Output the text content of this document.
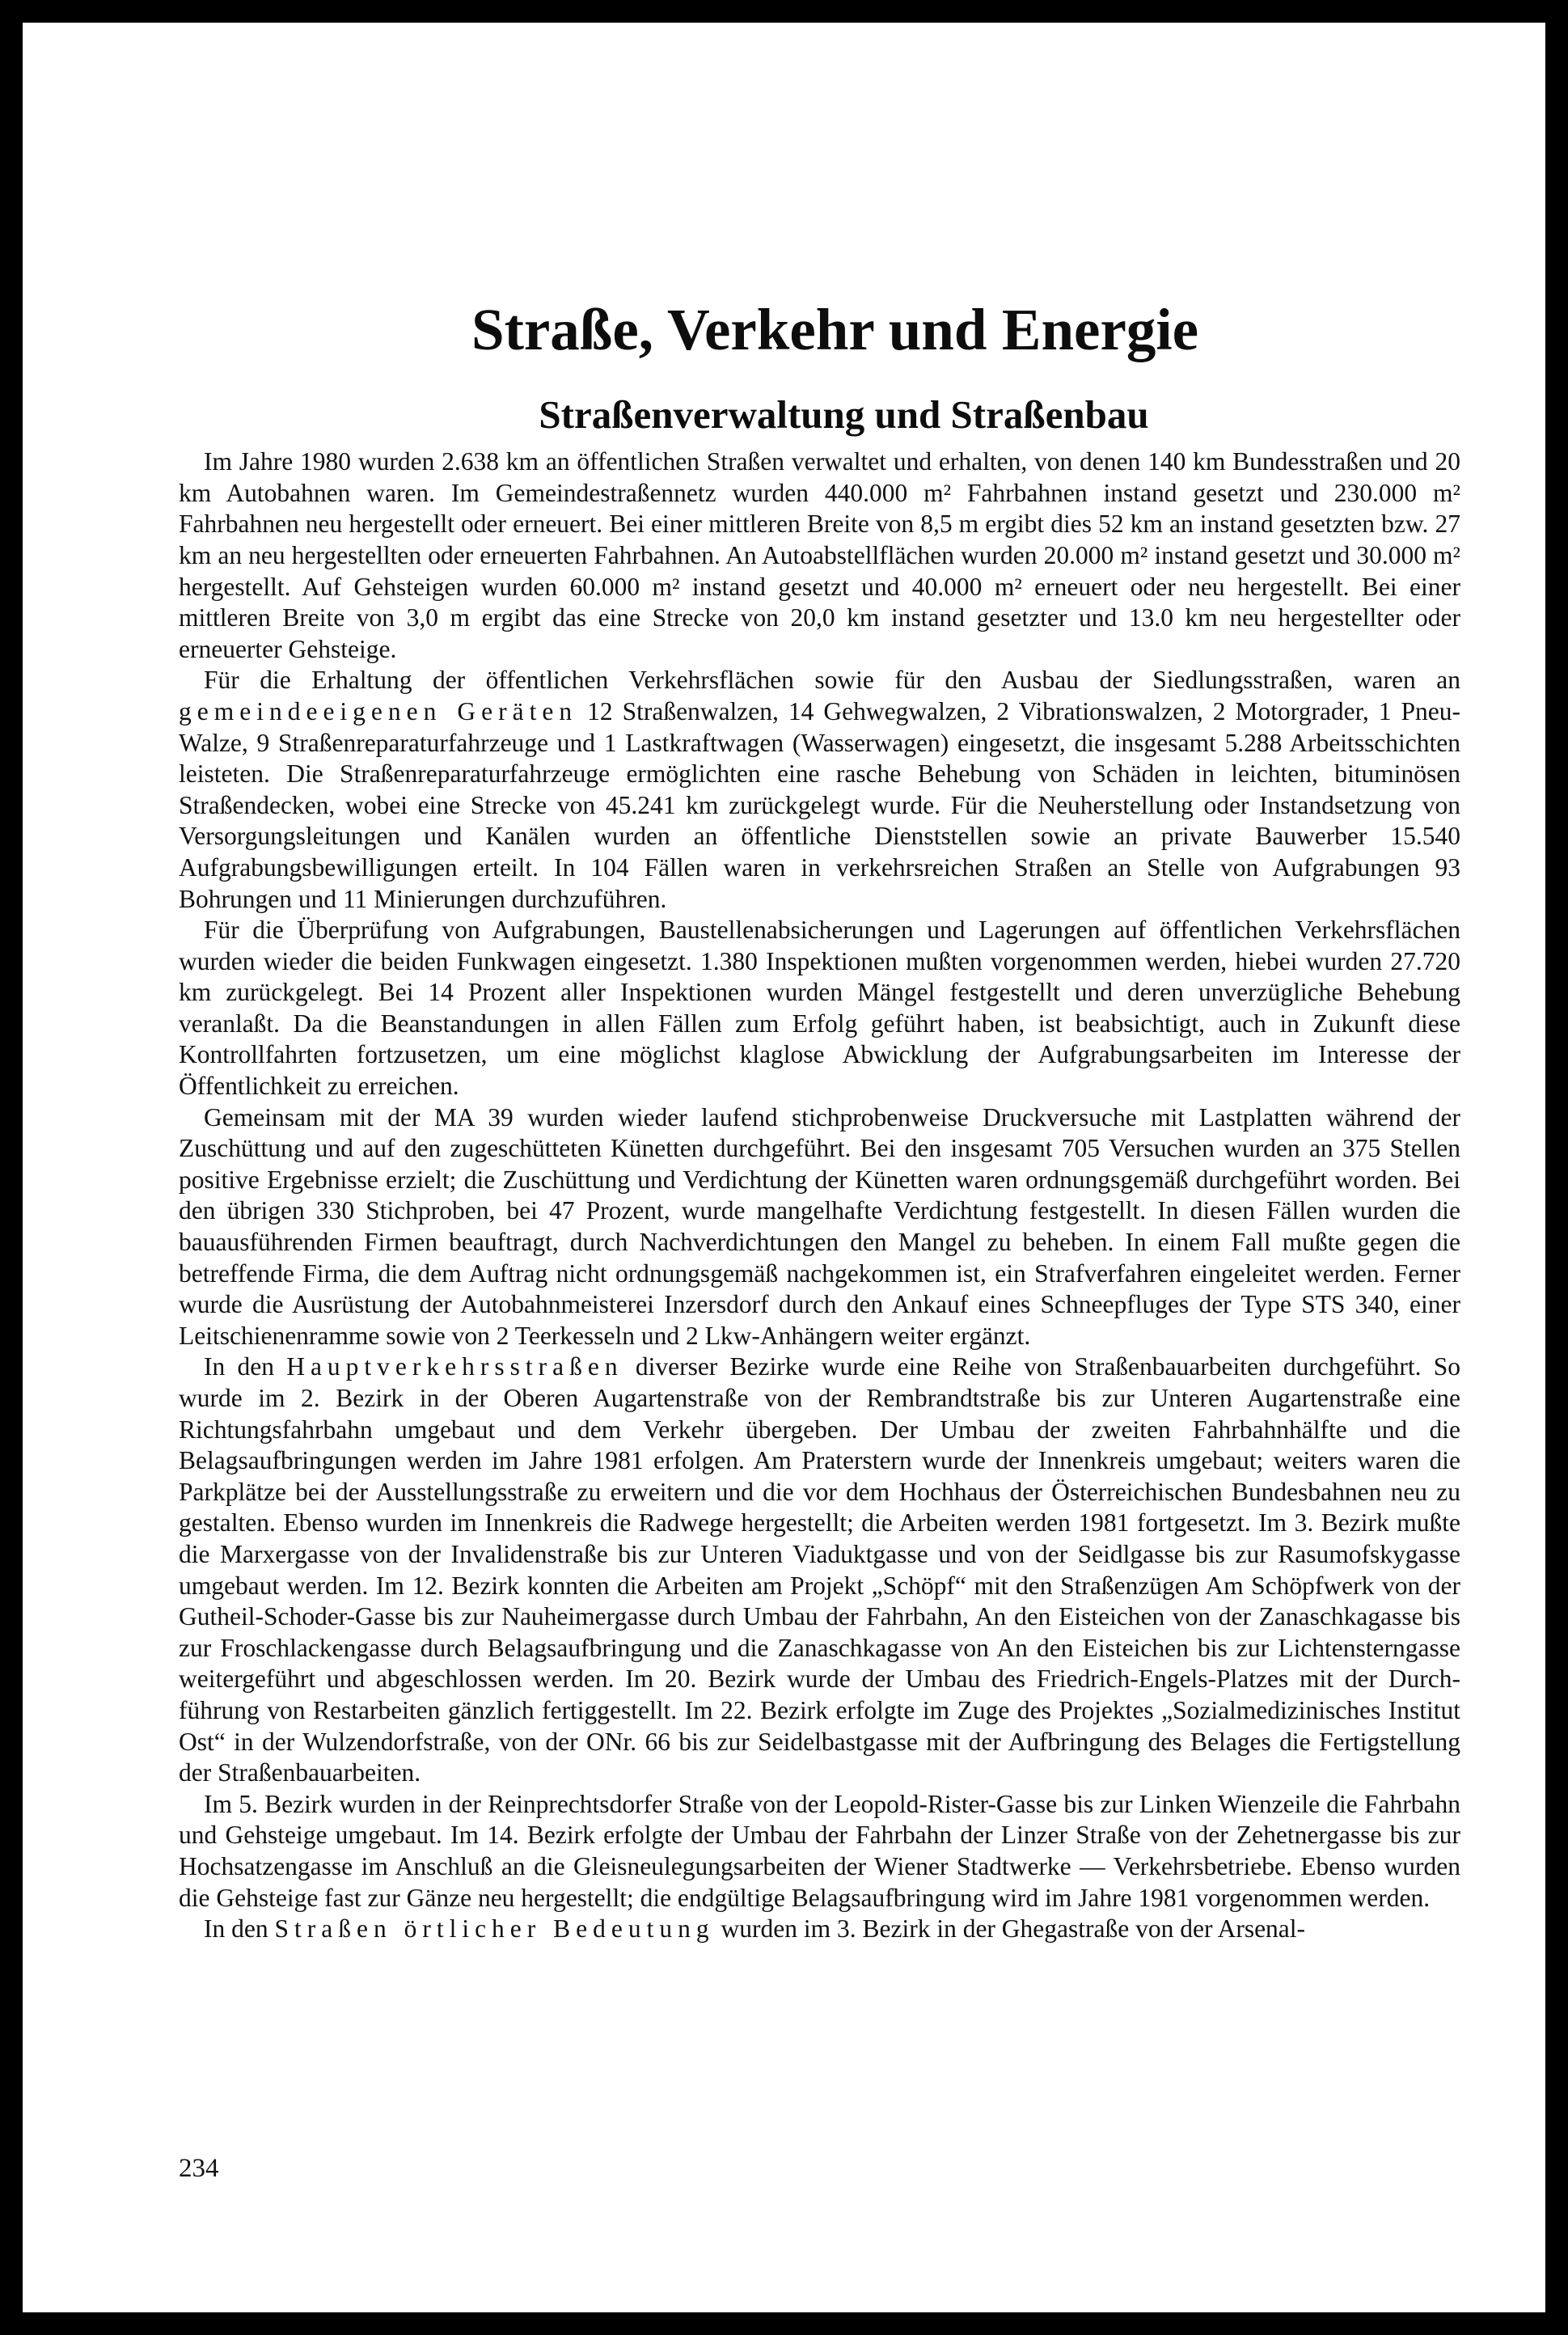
Straße, Verkehr und Energie
Straßenverwaltung und Straßenbau

Im Jahre 1980 wurden 2.638 km an öffentlichen Straßen verwaltet und erhalten, von denen 140 km Bundesstraßen und 20 km Autobahnen waren. Im Gemeindestraßennetz wurden 440.000 m² Fahrbahnen instand gesetzt und 230.000 m² Fahrbahnen neu hergestellt oder erneuert. Bei einer mittleren Breite von 8,5 m ergibt dies 52 km an instand gesetzten bzw. 27 km an neu hergestellten oder erneuerten Fahrbahnen. An Autoabstellflächen wurden 20.000 m² instand gesetzt und 30.000 m² hergestellt. Auf Gehsteigen wurden 60.000 m² instand gesetzt und 40.000 m² erneuert oder neu hergestellt. Bei einer mittleren Breite von 3,0 m ergibt das eine Strecke von 20,0 km instand gesetzter und 13.0 km neu hergestellter oder erneuerter Gehsteige.

Für die Erhaltung der öffentlichen Verkehrsflächen sowie für den Ausbau der Siedlungsstraßen, waren an gemeindeeigenen Geräten 12 Straßenwalzen, 14 Gehwegwalzen, 2 Vibrationswalzen, 2 Motorgrader, 1 Pneu-Walze, 9 Straßenreparaturfahrzeuge und 1 Lastkraftwagen (Wasserwagen) eingesetzt, die insgesamt 5.288 Arbeitsschichten leisteten. Die Straßenreparaturfahrzeuge ermöglichten eine rasche Behebung von Schäden in leichten, bituminösen Straßendecken, wobei eine Strecke von 45.241 km zurückgelegt wurde. Für die Neuherstellung oder Instandsetzung von Versorgungsleitungen und Kanälen wurden an öffentliche Dienststellen sowie an private Bauwerber 15.540 Aufgrabungsbewilligungen erteilt. In 104 Fällen waren in verkehrsreichen Straßen an Stelle von Aufgrabungen 93 Bohrungen und 11 Minierungen durchzuführen.

Für die Überprüfung von Aufgrabungen, Baustellenabsicherungen und Lagerungen auf öffentlichen Verkehrsflächen wurden wieder die beiden Funkwagen eingesetzt. 1.380 Inspektionen mußten vorgenommen werden, hiebei wurden 27.720 km zurückgelegt. Bei 14 Prozent aller Inspektionen wurden Mängel festgestellt und deren unverzügliche Behebung veranlaßt. Da die Beanstandungen in allen Fällen zum Erfolg geführt haben, ist beabsichtigt, auch in Zukunft diese Kontrollfahrten fortzusetzen, um eine möglichst klaglose Abwicklung der Aufgrabungsarbeiten im Interesse der Öffentlichkeit zu erreichen.

Gemeinsam mit der MA 39 wurden wieder laufend stichprobenweise Druckversuche mit Lastplatten während der Zuschüttung und auf den zugeschütteten Künetten durchgeführt. Bei den insgesamt 705 Versuchen wurden an 375 Stellen positive Ergebnisse erzielt; die Zuschüttung und Verdichtung der Künetten waren ordnungsgemäß durchgeführt worden. Bei den übrigen 330 Stichproben, bei 47 Prozent, wurde mangelhafte Verdichtung festgestellt. In diesen Fällen wurden die bauausführenden Firmen beauftragt, durch Nachverdichtungen den Mangel zu beheben. In einem Fall mußte gegen die betreffende Firma, die dem Auftrag nicht ordnungsgemäß nachgekommen ist, ein Strafverfahren eingeleitet werden. Ferner wurde die Ausrüstung der Autobahnmeisterei Inzersdorf durch den Ankauf eines Schneepfluges der Type STS 340, einer Leitschienenramme sowie von 2 Teerkesseln und 2 Lkw-Anhängern weiter ergänzt.

In den Hauptverkehrsstraßen diverser Bezirke wurde eine Reihe von Straßenbauarbeiten durchgeführt. So wurde im 2. Bezirk in der Oberen Augartenstraße von der Rembrandtstraße bis zur Unteren Augartenstraße eine Richtungsfahrbahn umgebaut und dem Verkehr übergeben. Der Umbau der zweiten Fahrbahnhälfte und die Belagsaufbringungen werden im Jahre 1981 erfolgen. Am Praterstern wurde der Innenkreis umgebaut; weiters waren die Parkplätze bei der Ausstellungsstraße zu erweitern und die vor dem Hochhaus der Österreichischen Bundesbahnen neu zu gestalten. Ebenso wurden im Innenkreis die Radwege hergestellt; die Arbeiten werden 1981 fortgesetzt. Im 3. Bezirk mußte die Marxergasse von der Invalidenstraße bis zur Unteren Viaduktgasse und von der Seidlgasse bis zur Rasumofskygasse umgebaut werden. Im 12. Bezirk konnten die Arbeiten am Projekt „Schöpf“ mit den Straßenzügen Am Schöpfwerk von der Gutheil-Schoder-Gasse bis zur Nauheimergasse durch Umbau der Fahrbahn, An den Eisteichen von der Zanaschkagasse bis zur Froschlackengasse durch Belagsaufbringung und die Zanaschkagasse von An den Eisteichen bis zur Lichtensterngasse weitergeführt und abgeschlossen werden. Im 20. Bezirk wurde der Umbau des Friedrich-Engels-Platzes mit der Durchführung von Restarbeiten gänzlich fertiggestellt. Im 22. Bezirk erfolgte im Zuge des Projektes „Sozialmedizinisches Institut Ost“ in der Wulzendorfstraße, von der ONr. 66 bis zur Seidelbastgasse mit der Aufbringung des Belages die Fertigstellung der Straßenbauarbeiten.

Im 5. Bezirk wurden in der Reinprechtsdorfer Straße von der Leopold-Rister-Gasse bis zur Linken Wienzeile die Fahrbahn und Gehsteige umgebaut. Im 14. Bezirk erfolgte der Umbau der Fahrbahn der Linzer Straße von der Zehetnergasse bis zur Hochsatzengasse im Anschluß an die Gleisneulegungsarbeiten der Wiener Stadtwerke — Verkehrsbetriebe. Ebenso wurden die Gehsteige fast zur Gänze neu hergestellt; die endgültige Belagsaufbringung wird im Jahre 1981 vorgenommen werden.

In den Straßen örtlicher Bedeutung wurden im 3. Bezirk in der Ghegastraße von der Arsenal-

234
